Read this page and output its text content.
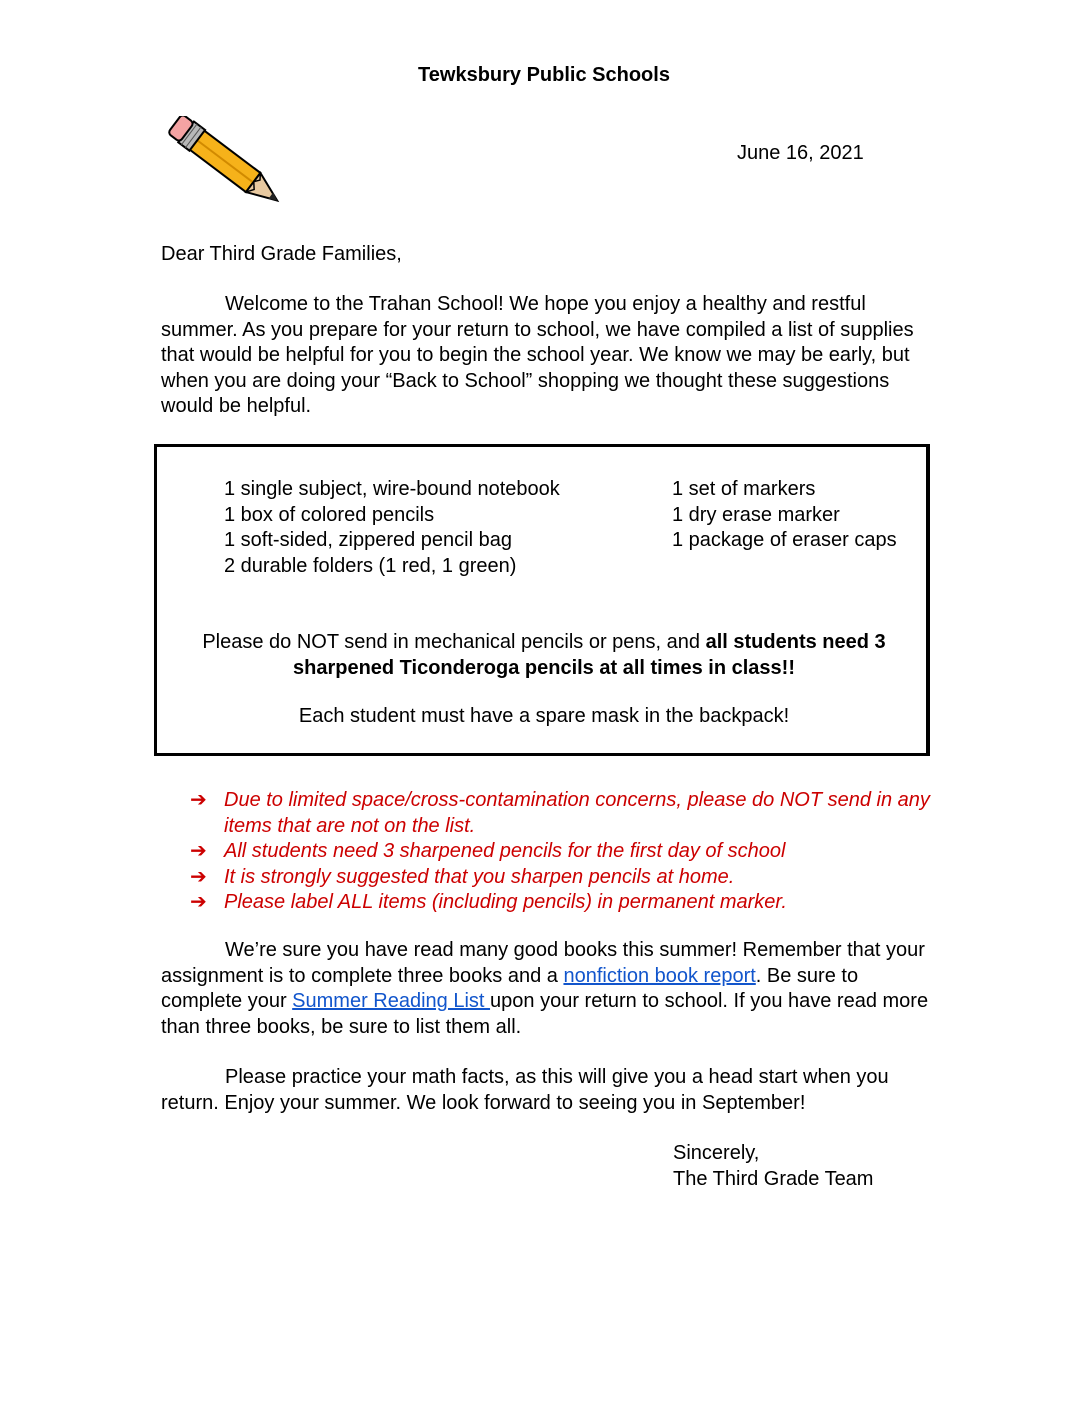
Tewksbury Public Schools
June 16, 2021
Dear Third Grade Families,

Welcome to the Trahan School! We hope you enjoy a healthy and restful summer. As you prepare for your return to school, we have compiled a list of supplies that would be helpful for you to begin the school year. We know we may be early, but when you are doing your “Back to School” shopping we thought these suggestions would be helpful.

1 single subject, wire-bound notebook
1 box of colored pencils
1 soft-sided, zippered pencil bag
2 durable folders (1 red, 1 green)
1 set of markers
1 dry erase marker
1 package of eraser caps
Please do NOT send in mechanical pencils or pens, and all students need 3 sharpened Ticonderoga pencils at all times in class!!
Each student must have a spare mask in the backpack!
➔ Due to limited space/cross-contamination concerns, please do NOT send in any items that are not on the list.
➔ All students need 3 sharpened pencils for the first day of school
➔ It is strongly suggested that you sharpen pencils at home.
➔ Please label ALL items (including pencils) in permanent marker.

We’re sure you have read many good books this summer! Remember that your assignment is to complete three books and a nonfiction book report. Be sure to complete your Summer Reading List upon your return to school. If you have read more than three books, be sure to list them all.

Please practice your math facts, as this will give you a head start when you return. Enjoy your summer. We look forward to seeing you in September!

Sincerely,
The Third Grade Team
